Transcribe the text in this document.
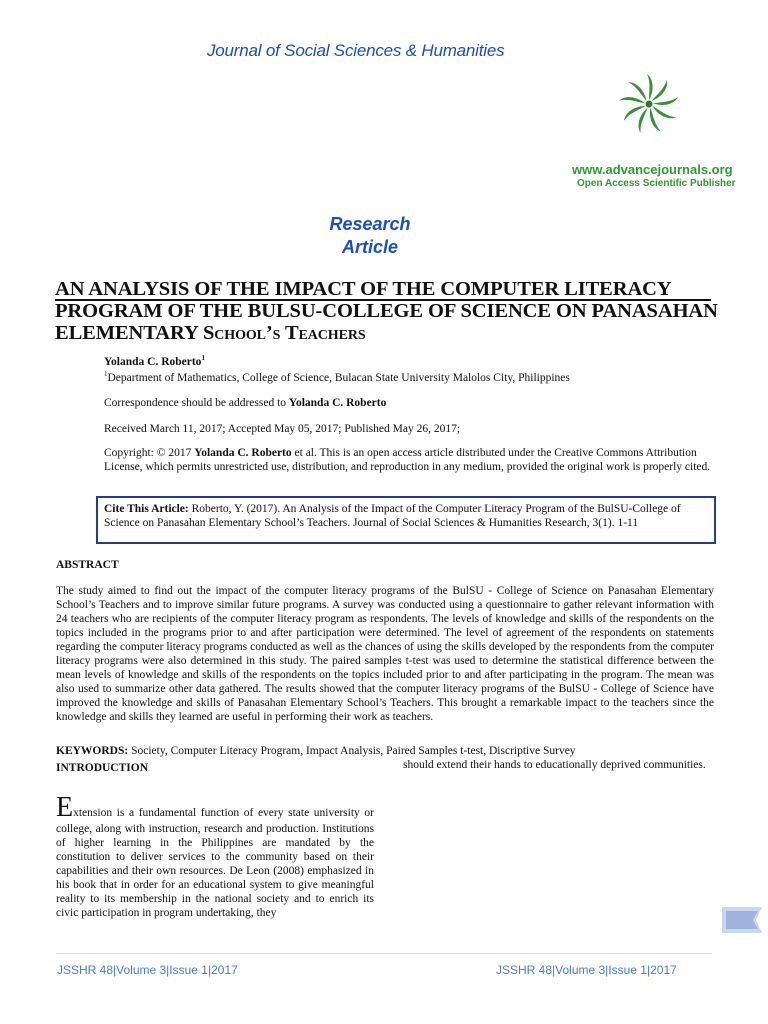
Journal of Social Sciences & Humanities
www.advancejournals.org
Open Access Scientific Publisher
Research
Article
AN ANALYSIS OF THE IMPACT OF THE COMPUTER LITERACY PROGRAM OF THE BULSU-COLLEGE OF SCIENCE ON PANASAHAN ELEMENTARY School’s Teachers
Yolanda C. Roberto$^1$
$^1$Department of Mathematics, College of Science, Bulacan State University Malolos City, Philippines
Correspondence should be addressed to Yolanda C. Roberto
Received March 11, 2017; Accepted May 05, 2017; Published May 26, 2017;
Copyright: © 2017 Yolanda C. Roberto et al. This is an open access article distributed under the Creative Commons Attribution License, which permits unrestricted use, distribution, and reproduction in any medium, provided the original work is properly cited.
Cite This Article: Roberto, Y. (2017). An Analysis of the Impact of the Computer Literacy Program of the BulSU-College of Science on Panasahan Elementary School’s Teachers. Journal of Social Sciences & Humanities Research, 3(1). 1-11
ABSTRACT
The study aimed to find out the impact of the computer literacy programs of the BulSU - College of Science on Panasahan Elementary School’s Teachers and to improve similar future programs. A survey was conducted using a questionnaire to gather relevant information with 24 teachers who are recipients of the computer literacy program as respondents. The levels of knowledge and skills of the respondents on the topics included in the programs prior to and after participation were determined. The level of agreement of the respondents on statements regarding the computer literacy programs conducted as well as the chances of using the skills developed by the respondents from the computer literacy programs were also determined in this study. The paired samples t-test was used to determine the statistical difference between the mean levels of knowledge and skills of the respondents on the topics included prior to and after participating in the program. The mean was also used to summarize other data gathered. The results showed that the computer literacy programs of the BulSU - College of Science have improved the knowledge and skills of Panasahan Elementary School’s Teachers. This brought a remarkable impact to the teachers since the knowledge and skills they learned are useful in performing their work as teachers.
KEYWORDS: Society, Computer Literacy Program, Impact Analysis, Paired Samples t-test, Discriptive Survey
INTRODUCTION	should extend their hands to educationally deprived communities.
Extension is a fundamental function of every state university or college, along with instruction, research and production. Institutions of higher learning in the Philippines are mandated by the constitution to deliver services to the community based on their capabilities and their own resources. De Leon (2008) emphasized in his book that in order for an educational system to give meaningful reality to its membership in the national society and to enrich its civic participation in program undertaking, they
JSSHR 48|Volume 3|Issue 1|2017	JSSHR 48|Volume 3|Issue 1|2017
